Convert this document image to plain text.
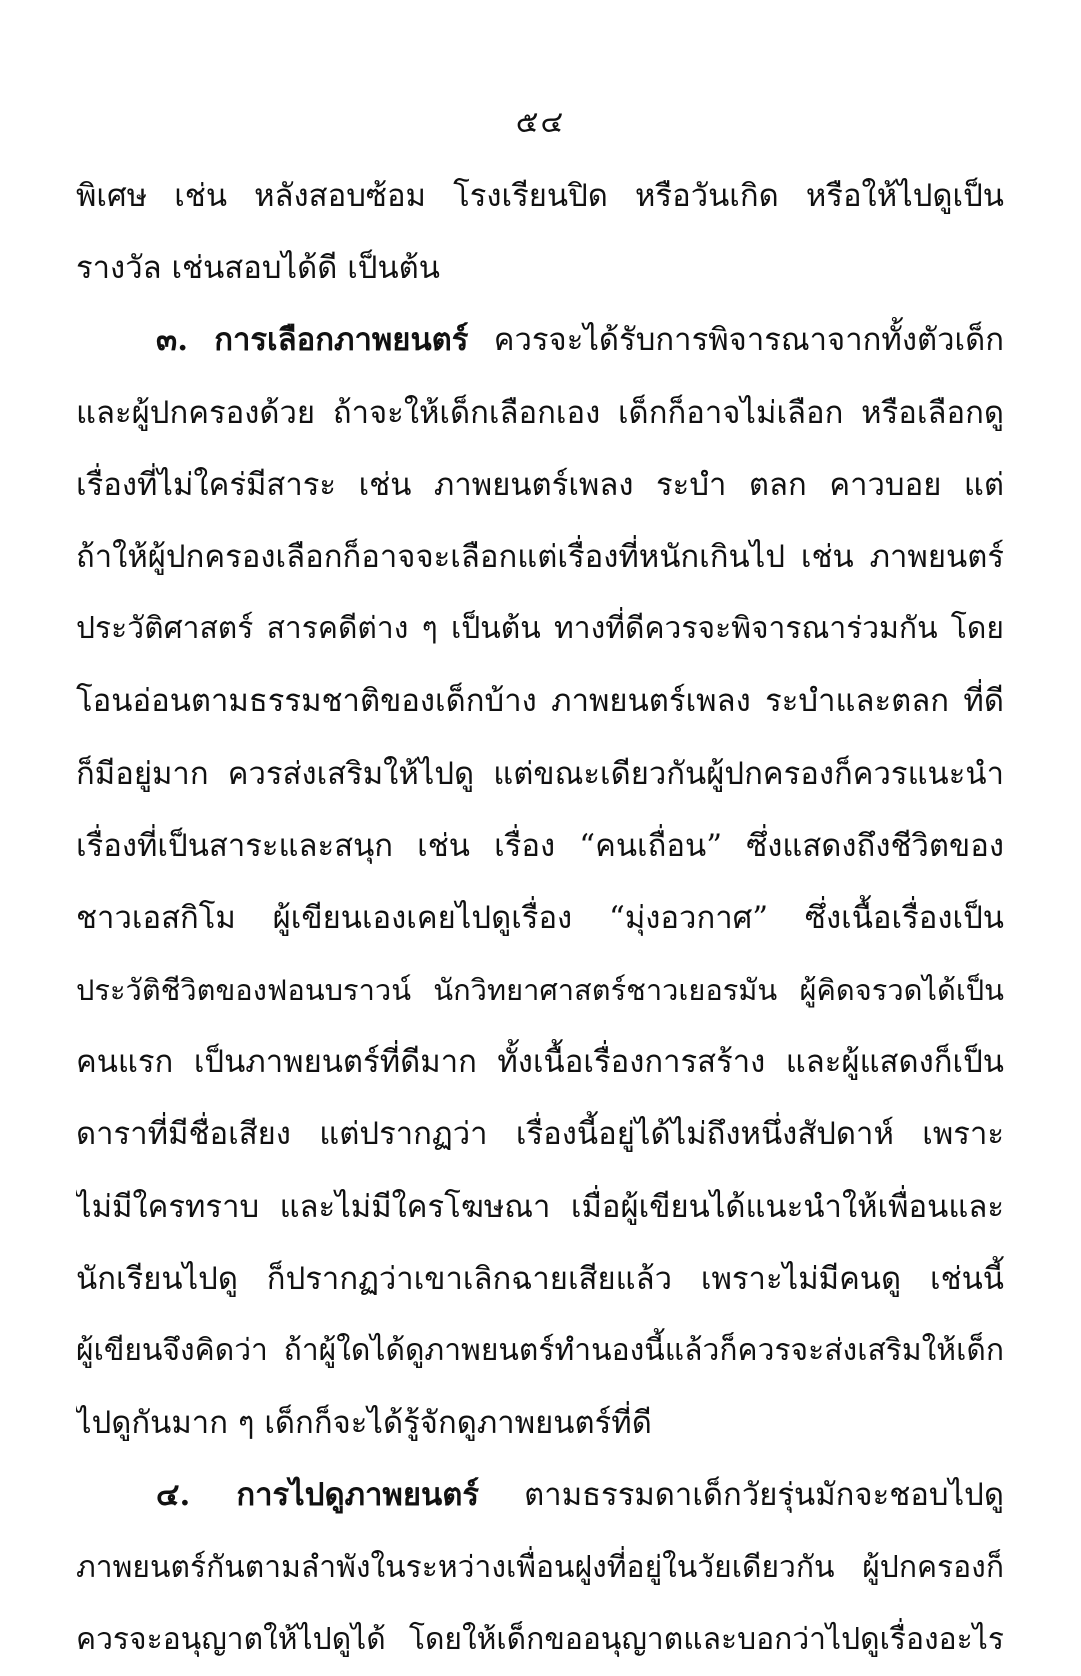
๕๔
พิเศษ เช่น หลังสอบซ้อม โรงเรียนปิด หรือวันเกิด หรือให้ไปดูเป็น
รางวัล เช่นสอบได้ดี เป็นต้น
๓. การเลือกภาพยนตร์ ควรจะได้รับการพิจารณาจากทั้งตัวเด็ก
และผู้ปกครองด้วย ถ้าจะให้เด็กเลือกเอง เด็กก็อาจไม่เลือก หรือเลือกดู
เรื่องที่ไม่ใคร่มีสาระ เช่น ภาพยนตร์เพลง ระบำ ตลก คาวบอย แต่
ถ้าให้ผู้ปกครองเลือกก็อาจจะเลือกแต่เรื่องที่หนักเกินไป เช่น ภาพยนตร์
ประวัติศาสตร์ สารคดีต่าง ๆ เป็นต้น ทางที่ดีควรจะพิจารณาร่วมกัน โดย
โอนอ่อนตามธรรมชาติของเด็กบ้าง ภาพยนตร์เพลง ระบำและตลก ที่ดี
ก็มีอยู่มาก ควรส่งเสริมให้ไปดู แต่ขณะเดียวกันผู้ปกครองก็ควรแนะนำ
เรื่องที่เป็นสาระและสนุก เช่น เรื่อง “คนเถื่อน” ซึ่งแสดงถึงชีวิตของ
ชาวเอสกิโม ผู้เขียนเองเคยไปดูเรื่อง “มุ่งอวกาศ” ซึ่งเนื้อเรื่องเป็น
ประวัติชีวิตของฟอนบราวน์ นักวิทยาศาสตร์ชาวเยอรมัน ผู้คิดจรวดได้เป็น
คนแรก เป็นภาพยนตร์ที่ดีมาก ทั้งเนื้อเรื่องการสร้าง และผู้แสดงก็เป็น
ดาราที่มีชื่อเสียง แต่ปรากฏว่า เรื่องนี้อยู่ได้ไม่ถึงหนึ่งสัปดาห์ เพราะ
ไม่มีใครทราบ และไม่มีใครโฆษณา เมื่อผู้เขียนได้แนะนำให้เพื่อนและ
นักเรียนไปดู ก็ปรากฏว่าเขาเลิกฉายเสียแล้ว เพราะไม่มีคนดู เช่นนี้
ผู้เขียนจึงคิดว่า ถ้าผู้ใดได้ดูภาพยนตร์ทำนองนี้แล้วก็ควรจะส่งเสริมให้เด็ก
ไปดูกันมาก ๆ เด็กก็จะได้รู้จักดูภาพยนตร์ที่ดี
๔. การไปดูภาพยนตร์ ตามธรรมดาเด็กวัยรุ่นมักจะชอบไปดู
ภาพยนตร์กันตามลำพังในระหว่างเพื่อนฝูงที่อยู่ในวัยเดียวกัน ผู้ปกครองก็
ควรจะอนุญาตให้ไปดูได้ โดยให้เด็กขออนุญาตและบอกว่าไปดูเรื่องอะไร
